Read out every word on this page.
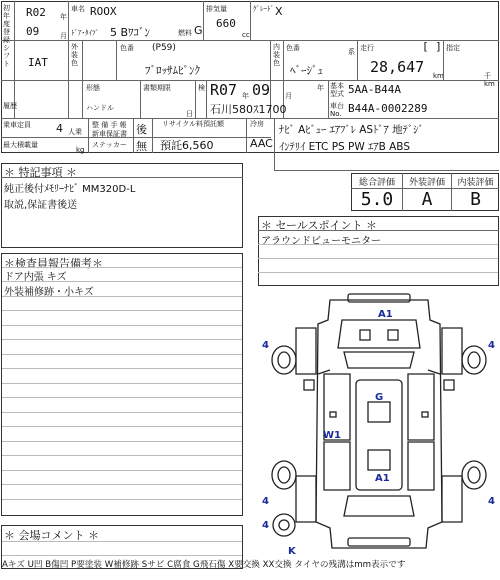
初年度登録
R02 年
09	月
車名 ROOX
ﾄﾞｱ･ﾀｲﾌﾟ 5 Bﾜｺﾞﾝ	燃料 G
排気量
660
cc
ｸﾞﾚｰﾄﾞ X
シフト IAT
外装色
色番 (P59)
ﾌﾞﾛｯｻﾑﾋﾟﾝｸ
内装色
色番
ﾍﾞｰｼﾞｭ
系 走行	[ ]
28,647 km
指定
千km
履歴
形態
ハンドル
書類期限
日
検 R07 年 09 月
石川580ｽ1700
年 基本
型式 5AA-B44A
車台No. B44A-0002289
乗車定員 4 人乗
最大積載量
kg
整 備 手 帳
新車保証書
ステッカー
後
無
リサイクル料預託額
預託6,560
冷房
AAC
ﾅﾋﾞ Aﾋﾞｭｰ ｴｱﾌﾞﾚ ASﾄﾞｱ 地ﾃﾞｼﾞ
ｲﾝﾃﾘｲ ETC PS PW ｴｱB ABS
＊ 特記事項 ＊
純正後付ﾒﾓﾘｰﾅﾋﾞ MM320D-L
取説,保証書後送
総合評価	外装評価	内装評価
5.0	A	B
＊ セールスポイント ＊
アラウンドビューモニター
＊検査員報告備考＊
ドア内張 キズ
外装補修跡・小キズ
＊ 会場コメント ＊
Aキズ U凹 B傷凹 P要塗装 W補修跡 Sサビ C腐食 G飛石傷 X要交換 XX交換 タイヤの残溝はmm表示です
A1
4	4
G
W1
A1
4	4
4
K
